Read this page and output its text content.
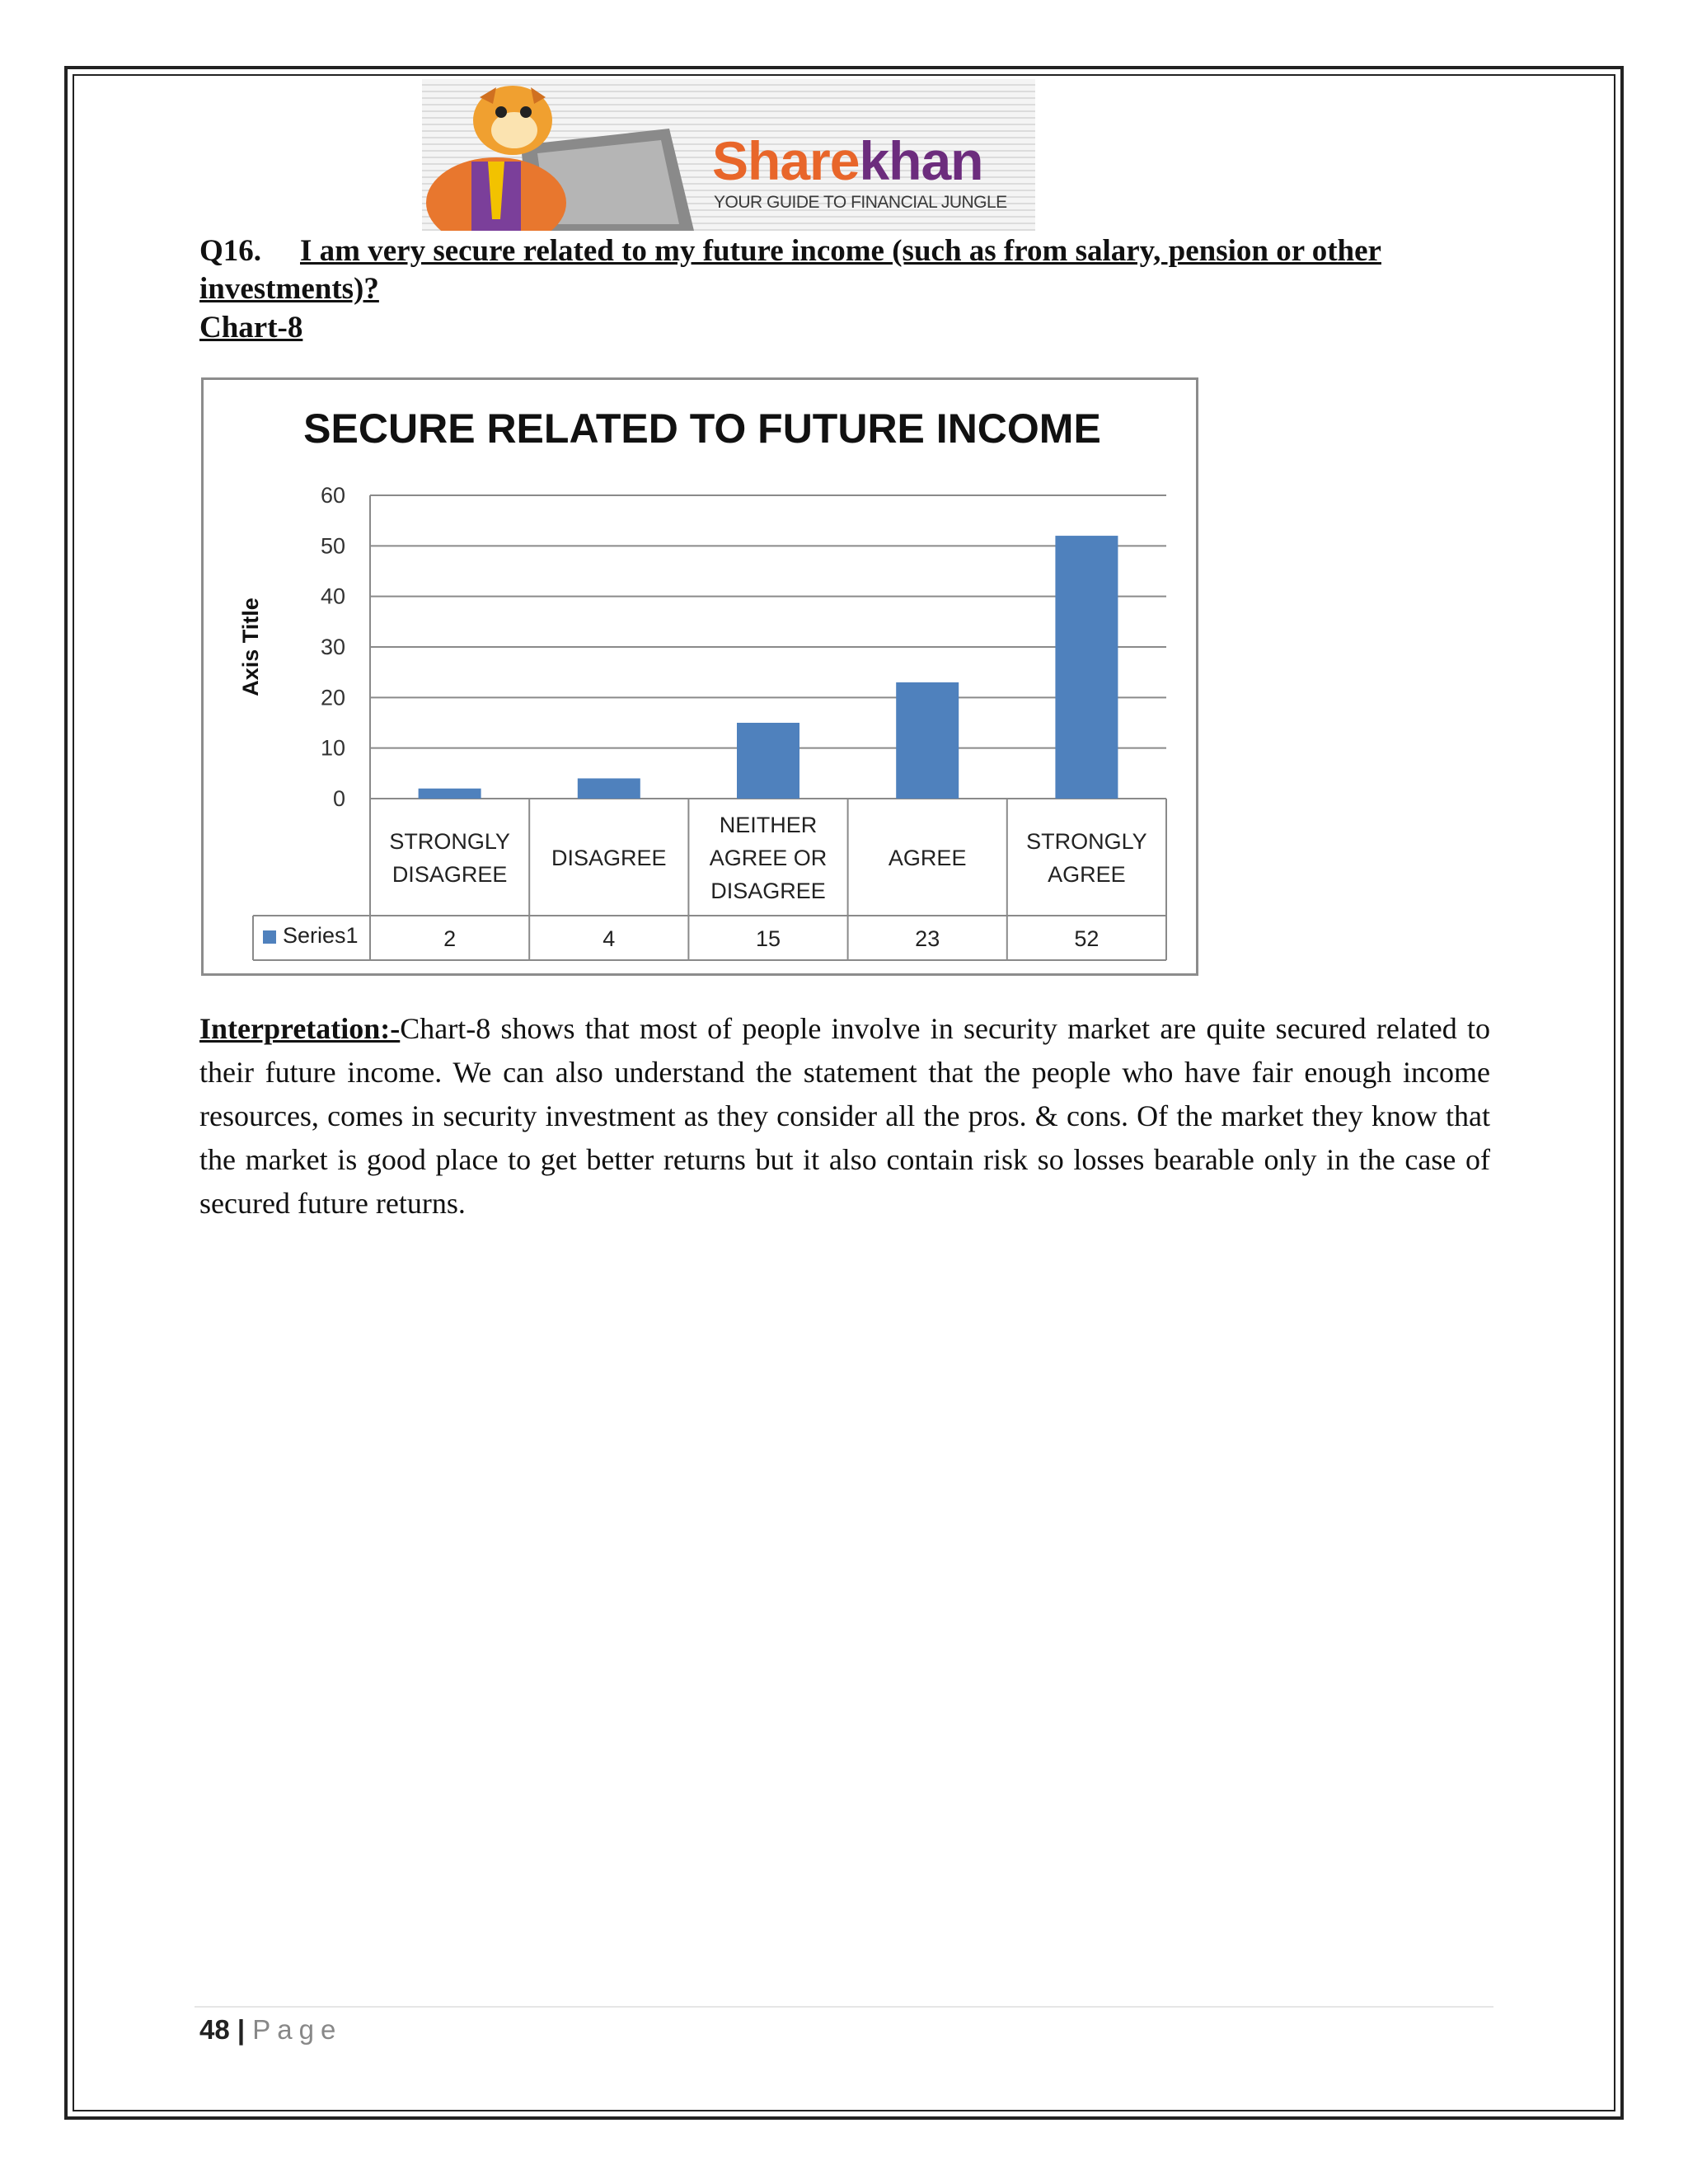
Sharekhan
YOUR GUIDE TO FINANCIAL JUNGLE
Q16. I am very secure related to my future income (such as from salary, pension or other investments)?
Chart-8
SECURE RELATED TO FUTURE INCOME
0
10
20
30
40
50
60
Axis Title
STRONGLY
DISAGREE
2
DISAGREE
4
NEITHER
AGREE OR
DISAGREE
15
AGREE
23
STRONGLY
AGREE
52
Series1
Interpretation:-Chart-8 shows that most of people involve in security market are quite secured related to their future income. We can also understand the statement that the people who have fair enough income resources, comes in security investment as they consider all the pros. & cons. Of the market they know that the market is good place to get better returns but it also contain risk so losses bearable only in the case of secured future returns.
48 | Page
